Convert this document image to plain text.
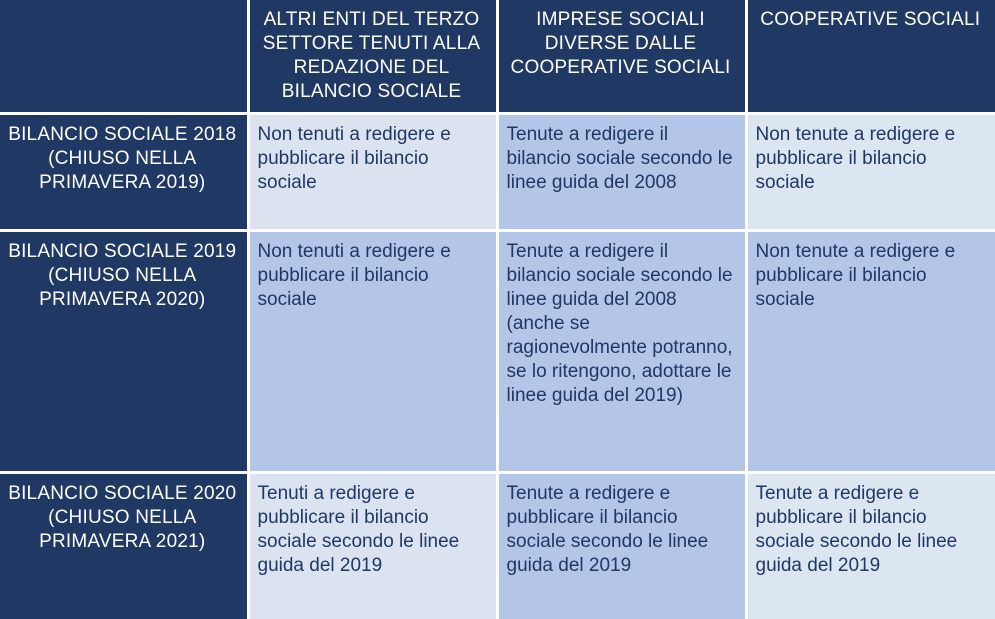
	ALTRI ENTI DEL TERZO SETTORE TENUTI ALLA REDAZIONE DEL BILANCIO SOCIALE	IMPRESE SOCIALI DIVERSE DALLE COOPERATIVE SOCIALI	COOPERATIVE SOCIALI
BILANCIO SOCIALE 2018 (CHIUSO NELLA PRIMAVERA 2019)	Non tenuti a redigere e pubblicare il bilancio sociale	Tenute a redigere il bilancio sociale secondo le linee guida del 2008	Non tenute a redigere e pubblicare il bilancio sociale
BILANCIO SOCIALE 2019 (CHIUSO NELLA PRIMAVERA 2020)	Non tenuti a redigere e pubblicare il bilancio sociale	Tenute a redigere il bilancio sociale secondo le linee guida del 2008 (anche se ragionevolmente potranno, se lo ritengono, adottare le linee guida del 2019)	Non tenute a redigere e pubblicare il bilancio sociale
BILANCIO SOCIALE 2020 (CHIUSO NELLA PRIMAVERA 2021)	Tenuti a redigere e pubblicare il bilancio sociale secondo le linee guida del 2019	Tenute a redigere e pubblicare il bilancio sociale secondo le linee guida del 2019	Tenute a redigere e pubblicare il bilancio sociale secondo le linee guida del 2019
